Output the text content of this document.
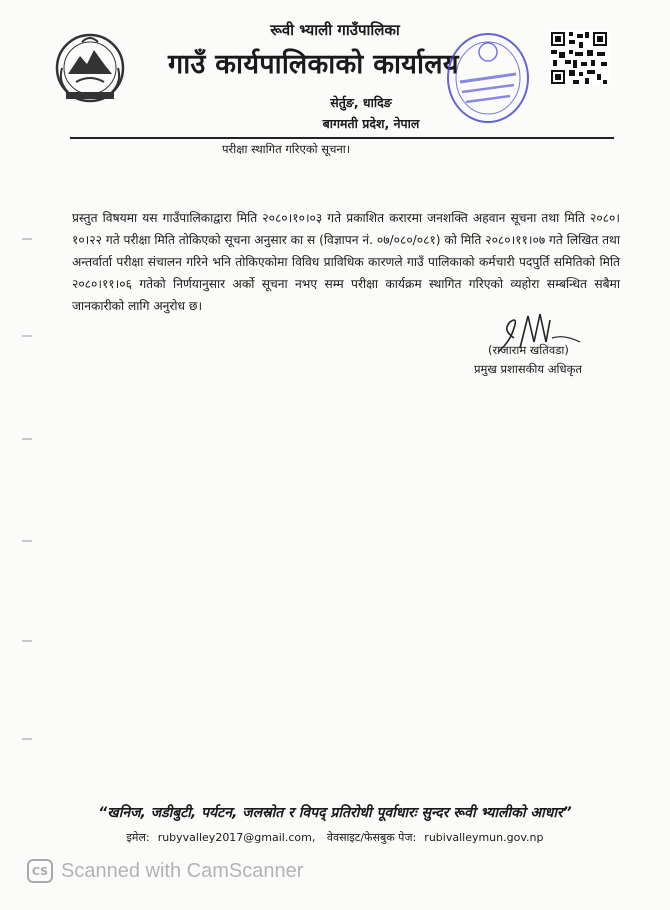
रूवी भ्याली गाउँपालिका
गाउँ कार्यपालिकाको कार्यालय
सेर्तुङ, धादिङ
बागमती प्रदेश, नेपाल
परीक्षा स्थागित गरिएको सूचना।
प्रस्तुत विषयमा यस गाउँपालिकाद्वारा मिति २०८०।१०।०३ गते प्रकाशित करारमा जनशक्ति अहवान सूचना तथा मिति २०८०।१०।२२ गते परीक्षा मिति तोकिएको सूचना अनुसार का स (विज्ञापन नं. ०७/०८०/०८१) को मिति २०८०।११।०७ गते लिखित तथा अन्तर्वार्ता परीक्षा संचालन गरिने भनि तोकिएकोमा विविध प्राविधिक कारणले गाउँ पालिकाको कर्मचारी पदपुर्ति समितिको मिति २०८०।११।०६ गतेको निर्णयानुसार अर्को सूचना नभए सम्म परीक्षा कार्यक्रम स्थागित गरिएको व्यहोरा सम्बन्धित सबैमा जानकारीको लागि अनुरोध छ।
(राजाराम खतिवडा)
प्रमुख प्रशासकीय अधिकृत
“खनिज, जडीबुटी, पर्यटन, जलस्रोत र विपद् प्रतिरोधी पूर्वाधारः सुन्दर रूवी भ्यालीको आधार”
इमेल: rubyvalley2017@gmail.com, वेवसाइट/फेसबुक पेज: rubivalleymun.gov.np
CS Scanned with CamScanner
